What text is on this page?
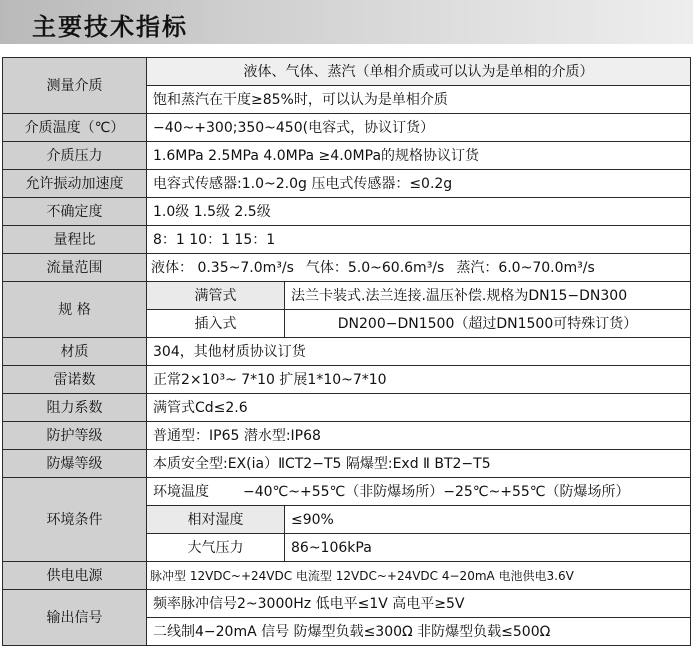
主要技术指标
测量介质	液体、气体、蒸汽（单相介质或可以认为是单相的介质）	
	饱和蒸汽在干度≥85%时，可以认为是单相介质	
介质温度（℃）	−40~+300;350~450(电容式，协议订货）	
介质压力	1.6MPa 2.5MPa 4.0MPa ≥4.0MPa的规格协议订货	
允许振动加速度	电容式传感器:1.0~2.0g 压电式传感器：≤0.2g	
不确定度	1.0级 1.5级 2.5级	
量程比	8：1 10：1 15：1	
流量范围	液体： 0.35~7.0m³/s 气体：5.0~60.6m³/s 蒸汽：6.0~70.0m³/s	
规 格	满管式	法兰卡装式.法兰连接.温压补偿.规格为DN15−DN300
	插入式	DN200−DN1500（超过DN1500可特殊订货）
材质	304，其他材质协议订货	
雷诺数	正常2×10³~ 7*10 扩展1*10~7*10	
阻力系数	满管式Cd≤2.6	
防护等级	普通型：IP65 潜水型:IP68	
防爆等级	本质安全型:EX(ia）ⅡCT2−T5 隔爆型:Exd Ⅱ BT2−T5	
环境条件	环境温度 −40℃~+55℃（非防爆场所）−25℃~+55℃（防爆场所）	
	相对湿度	≤90%
	大气压力	86~106kPa
供电电源	脉冲型 12VDC~+24VDC 电流型 12VDC~+24VDC 4−20mA 电池供电3.6V	
输出信号	频率脉冲信号2~3000Hz 低电平≤1V 高电平≥5V	
	二线制4−20mA 信号 防爆型负载≤300Ω 非防爆型负载≤500Ω	
